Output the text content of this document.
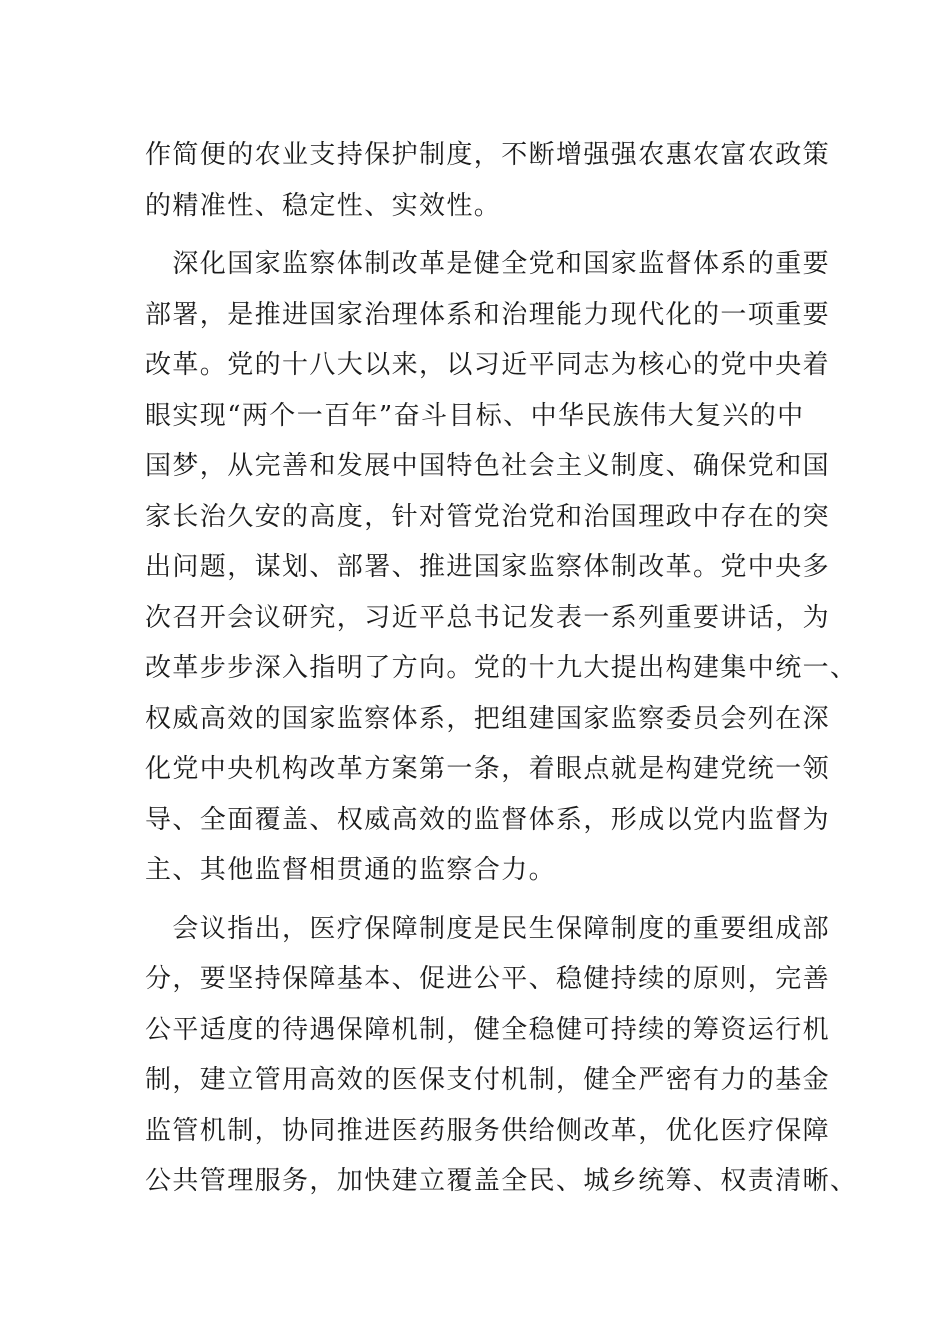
作简便的农业支持保护制度，不断增强强农惠农富农政策
的精准性、稳定性、实效性。
　深化国家监察体制改革是健全党和国家监督体系的重要
部署，是推进国家治理体系和治理能力现代化的一项重要
改革。党的十八大以来，以习近平同志为核心的党中央着
眼实现“两个一百年”奋斗目标、中华民族伟大复兴的中
国梦，从完善和发展中国特色社会主义制度、确保党和国
家长治久安的高度，针对管党治党和治国理政中存在的突
出问题，谋划、部署、推进国家监察体制改革。党中央多
次召开会议研究，习近平总书记发表一系列重要讲话，为
改革步步深入指明了方向。党的十九大提出构建集中统一、
权威高效的国家监察体系，把组建国家监察委员会列在深
化党中央机构改革方案第一条，着眼点就是构建党统一领
导、全面覆盖、权威高效的监督体系，形成以党内监督为
主、其他监督相贯通的监察合力。
　会议指出，医疗保障制度是民生保障制度的重要组成部
分，要坚持保障基本、促进公平、稳健持续的原则，完善
公平适度的待遇保障机制，健全稳健可持续的筹资运行机
制，建立管用高效的医保支付机制，健全严密有力的基金
监管机制，协同推进医药服务供给侧改革，优化医疗保障
公共管理服务，加快建立覆盖全民、城乡统筹、权责清晰、
